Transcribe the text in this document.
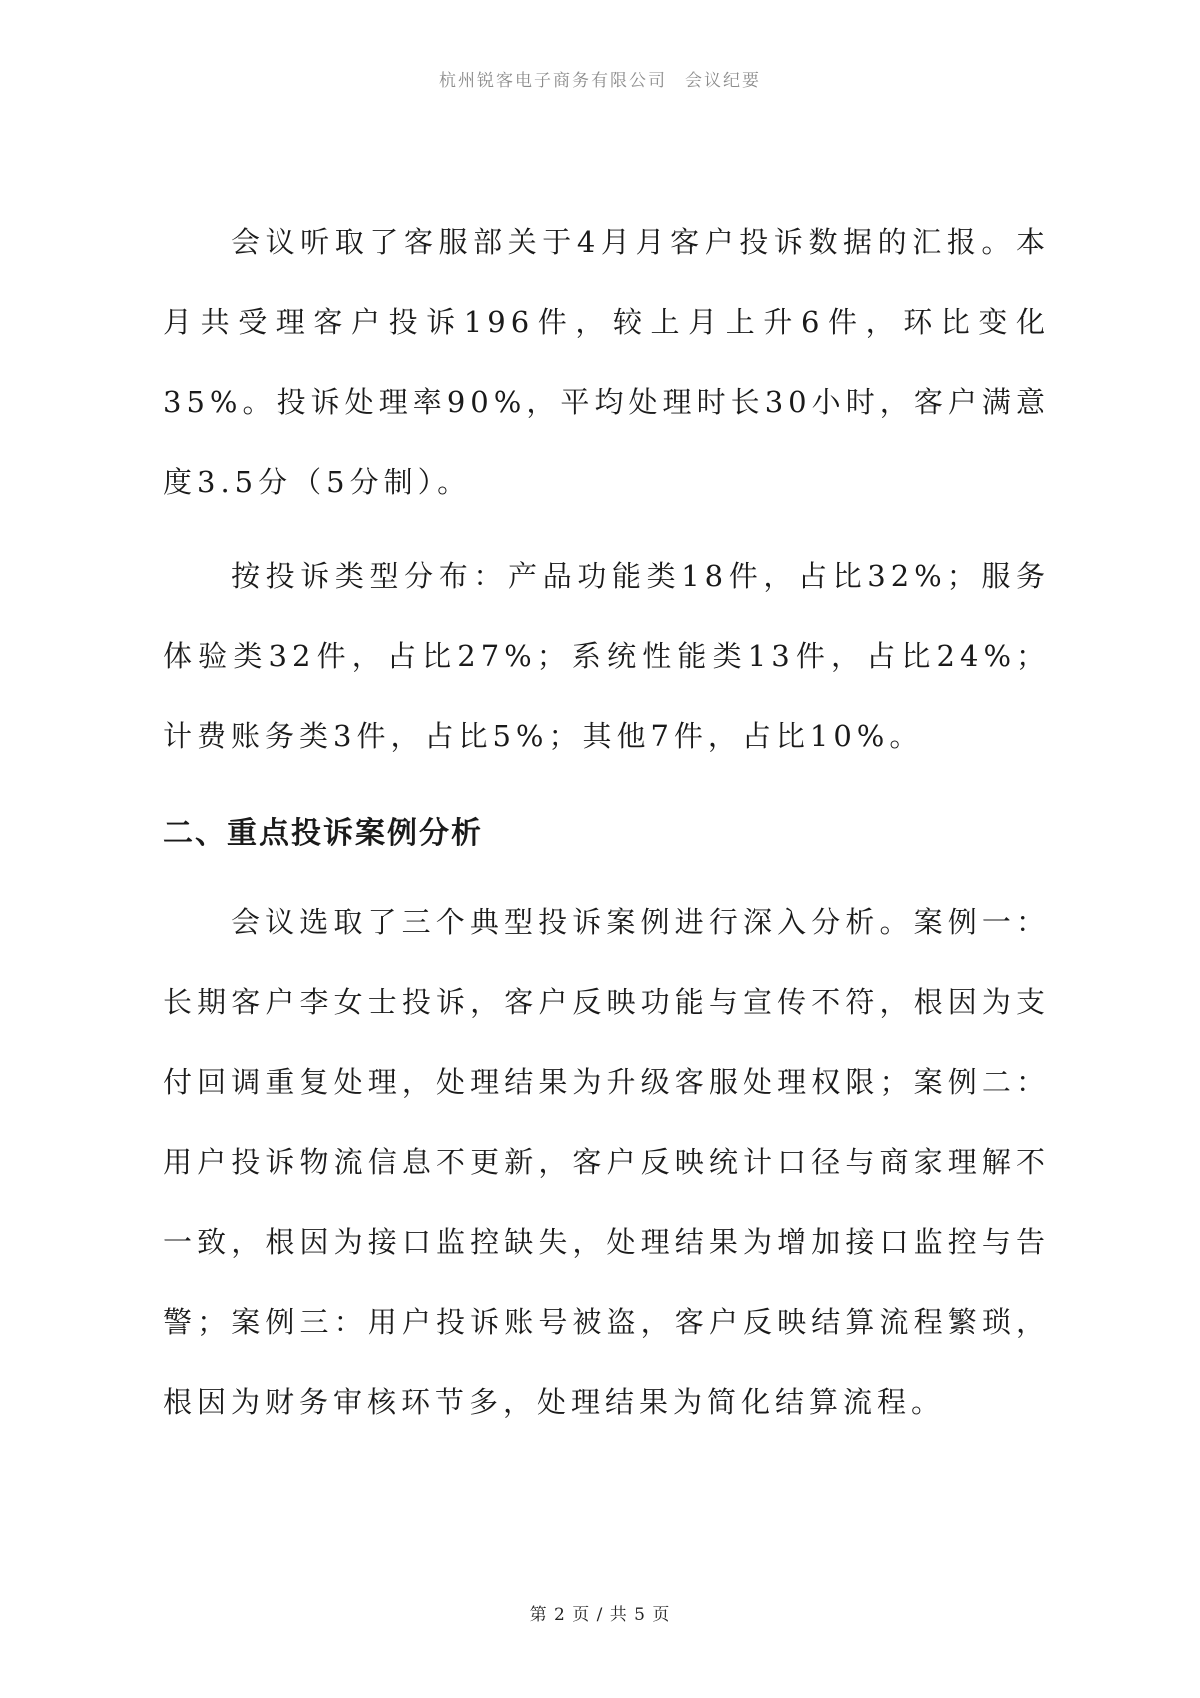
杭州锐客电子商务有限公司 会议纪要

会议听取了客服部关于4月月客户投诉数据的汇报。本月共受理客户投诉196件，较上月上升6件，环比变化35%。投诉处理率90%，平均处理时长30小时，客户满意度3.5分（5分制）。

按投诉类型分布：产品功能类18件，占比32%；服务体验类32件，占比27%；系统性能类13件，占比24%；计费账务类3件，占比5%；其他7件，占比10%。

二、重点投诉案例分析

会议选取了三个典型投诉案例进行深入分析。案例一：长期客户李女士投诉，客户反映功能与宣传不符，根因为支付回调重复处理，处理结果为升级客服处理权限；案例二：用户投诉物流信息不更新，客户反映统计口径与商家理解不一致，根因为接口监控缺失，处理结果为增加接口监控与告警；案例三：用户投诉账号被盗，客户反映结算流程繁琐，根因为财务审核环节多，处理结果为简化结算流程。

第 2 页 / 共 5 页
